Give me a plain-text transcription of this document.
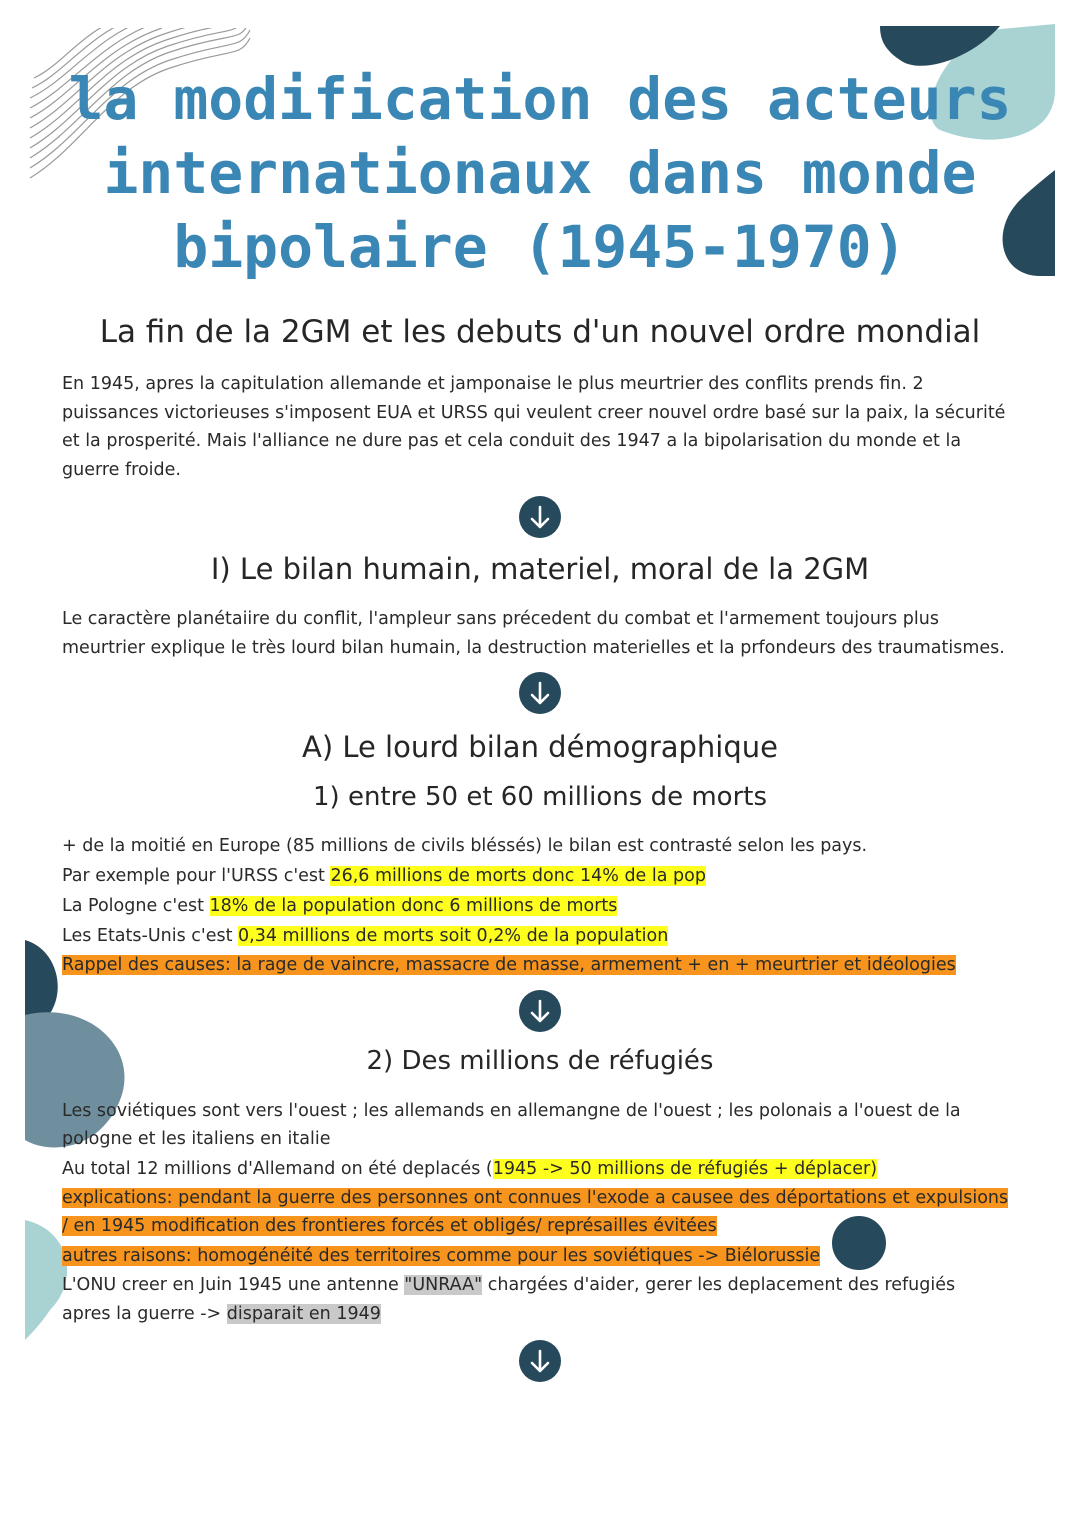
la modification des acteurs internationaux dans monde bipolaire (1945-1970)
La fin de la 2GM et les debuts d'un nouvel ordre mondial

En 1945, apres la capitulation allemande et jamponaise le plus meurtrier des conflits prends fin. 2 puissances victorieuses s'imposent EUA et URSS qui veulent creer nouvel ordre basé sur la paix, la sécurité et la prosperité. Mais l'alliance ne dure pas et cela conduit des 1947 a la bipolarisation du monde et la guerre froide.

I) Le bilan humain, materiel, moral de la 2GM

Le caractère planétaiire du conflit, l'ampleur sans précedent du combat et l'armement toujours plus meurtrier explique le très lourd bilan humain, la destruction materielles et la prfondeurs des traumatismes.

A) Le lourd bilan démographique
1) entre 50 et 60 millions de morts

+ de la moitié en Europe (85 millions de civils bléssés) le bilan est contrasté selon les pays.

Par exemple pour l'URSS c'est 26,6 millions de morts donc 14% de la pop

La Pologne c'est 18% de la population donc 6 millions de morts

Les Etats-Unis c'est 0,34 millions de morts soit 0,2% de la population

Rappel des causes: la rage de vaincre, massacre de masse, armement + en + meurtrier et idéologies

2) Des millions de réfugiés

Les soviétiques sont vers l'ouest ; les allemands en allemangne de l'ouest ; les polonais a l'ouest de la

pologne et les italiens en italie

Au total 12 millions d'Allemand on été deplacés (1945 -> 50 millions de réfugiés + déplacer)

explications: pendant la guerre des personnes ont connues l'exode a causee des déportations et expulsions

/ en 1945 modification des frontieres forcés et obligés/ représailles évitées

autres raisons: homogénéité des territoires comme pour les soviétiques -> Biélorussie

L'ONU creer en Juin 1945 une antenne "UNRAA" chargées d'aider, gerer les deplacement des refugiés

apres la guerre -> disparait en 1949
